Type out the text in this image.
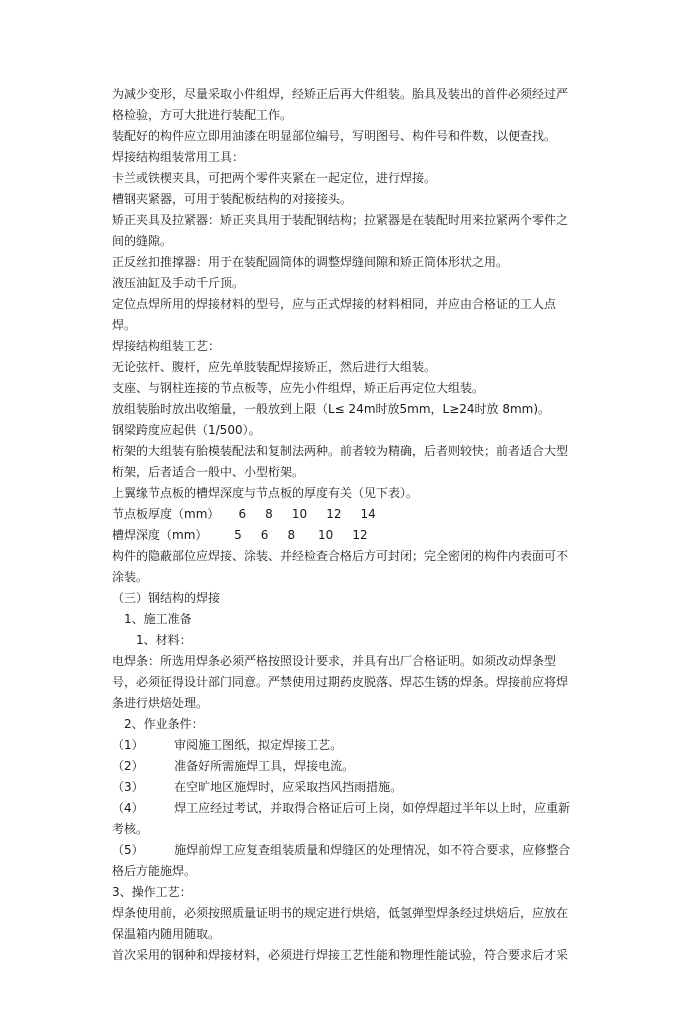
为减少变形，尽量采取小件组焊，经矫正后再大件组装。胎具及装出的首件必须经过严格检验，方可大批进行装配工作。

装配好的构件应立即用油漆在明显部位编号，写明图号、构件号和件数，以便查找。

焊接结构组装常用工具：

卡兰或铁楔夹具，可把两个零件夹紧在一起定位，进行焊接。

槽钢夹紧器，可用于装配板结构的对接接头。

矫正夹具及拉紧器：矫正夹具用于装配钢结构；拉紧器是在装配时用来拉紧两个零件之间的缝隙。

正反丝扣推撑器：用于在装配圆筒体的调整焊缝间隙和矫正筒体形状之用。

液压油缸及手动千斤顶。

定位点焊所用的焊接材料的型号，应与正式焊接的材料相同，并应由合格证的工人点焊。

焊接结构组装工艺：

无论弦杆、腹杆，应先单肢装配焊接矫正，然后进行大组装。

支座、与钢柱连接的节点板等，应先小件组焊，矫正后再定位大组装。

放组装胎时放出收缩量，一般放到上限（L≤ 24m时放5mm，L≥24时放 8mm)。

钢梁跨度应起供（1/500）。

桁架的大组装有胎模装配法和复制法两种。前者较为精确，后者则较快；前者适合大型桁架，后者适合一般中、小型桁架。

上翼缘节点板的槽焊深度与节点板的厚度有关（见下表）。

节点板厚度（mm）     6     8     10     12     14

槽焊深度（mm）       5     6     8      10     12

构件的隐蔽部位应焊接、涂装、并经检查合格后方可封闭；完全密闭的构件内表面可不涂装。

（三）钢结构的焊接

1、施工准备

1、材料：

电焊条：所选用焊条必须严格按照设计要求，并具有出厂合格证明。如须改动焊条型号，必须征得设计部门同意。严禁使用过期药皮脱落、焊芯生锈的焊条。焊接前应将焊条进行烘焙处理。

2、作业条件：

（1）        审阅施工图纸，拟定焊接工艺。

（2）        准备好所需施焊工具，焊接电流。

（3）        在空旷地区施焊时，应采取挡风挡雨措施。

（4）        焊工应经过考试，并取得合格证后可上岗，如停焊超过半年以上时，应重新考核。

（5）        施焊前焊工应复查组装质量和焊缝区的处理情况，如不符合要求，应修整合格后方能施焊。

3、操作工艺：

焊条使用前，必须按照质量证明书的规定进行烘焙，低氢弹型焊条经过烘焙后，应放在保温箱内随用随取。

首次采用的钢种和焊接材料，必须进行焊接工艺性能和物理性能试验，符合要求后才采
